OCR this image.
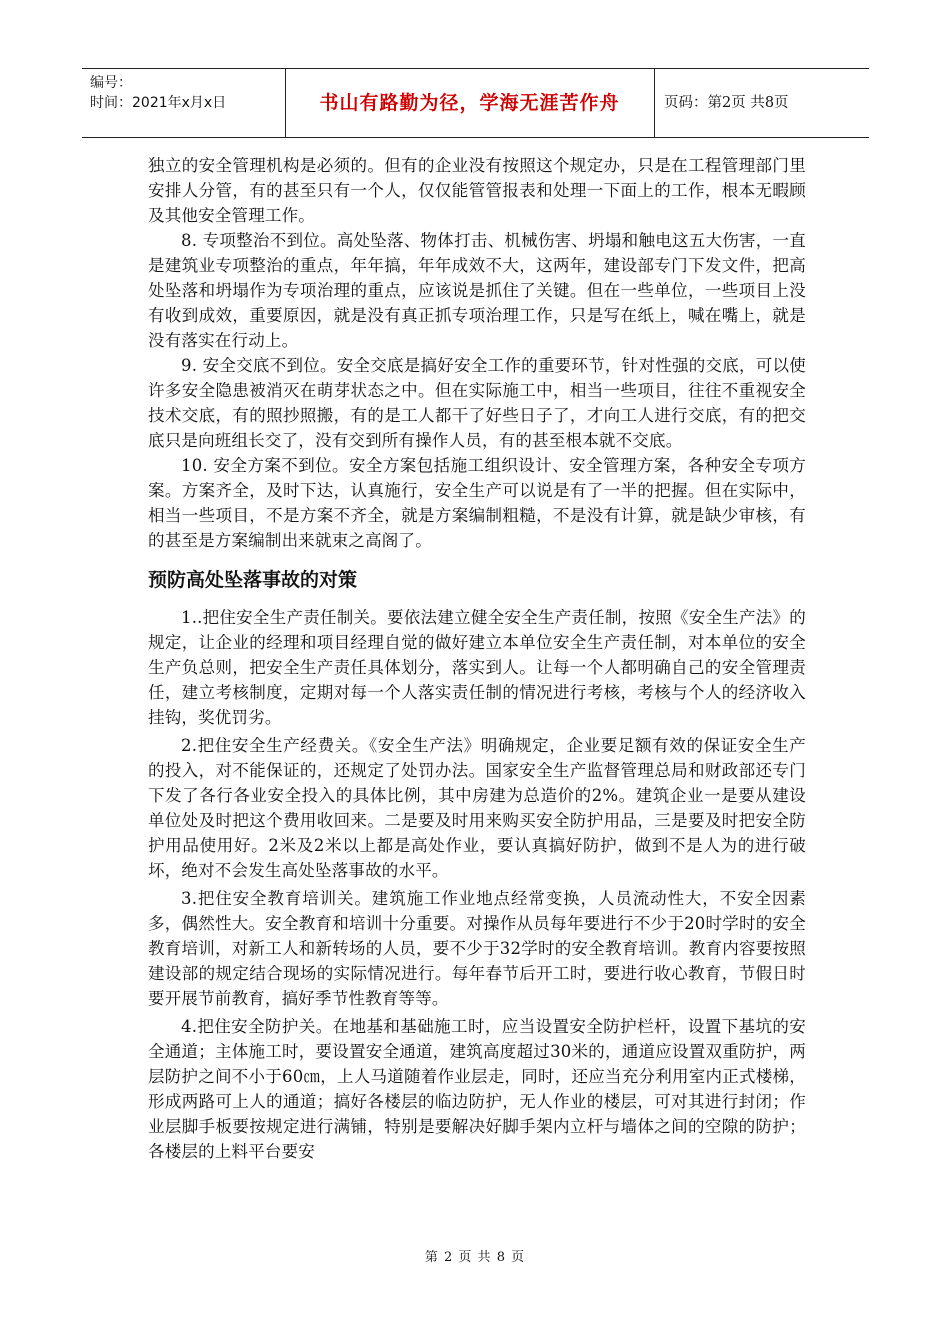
编号：
时间：2021年x月x日	书山有路勤为径，学海无涯苦作舟	页码：第2页 共8页

独立的安全管理机构是必须的。但有的企业没有按照这个规定办，只是在工程管理部门里安排人分管，有的甚至只有一个人，仅仅能管管报表和处理一下面上的工作，根本无暇顾及其他安全管理工作。

8. 专项整治不到位。高处坠落、物体打击、机械伤害、坍塌和触电这五大伤害，一直是建筑业专项整治的重点，年年搞，年年成效不大，这两年，建设部专门下发文件，把高处坠落和坍塌作为专项治理的重点，应该说是抓住了关键。但在一些单位，一些项目上没有收到成效，重要原因，就是没有真正抓专项治理工作，只是写在纸上，喊在嘴上，就是没有落实在行动上。

9. 安全交底不到位。安全交底是搞好安全工作的重要环节，针对性强的交底，可以使许多安全隐患被消灭在萌芽状态之中。但在实际施工中，相当一些项目，往往不重视安全技术交底，有的照抄照搬，有的是工人都干了好些日子了，才向工人进行交底，有的把交底只是向班组长交了，没有交到所有操作人员，有的甚至根本就不交底。

10. 安全方案不到位。安全方案包括施工组织设计、安全管理方案，各种安全专项方案。方案齐全，及时下达，认真施行，安全生产可以说是有了一半的把握。但在实际中，相当一些项目，不是方案不齐全，就是方案编制粗糙，不是没有计算，就是缺少审核，有的甚至是方案编制出来就束之高阁了。

预防高处坠落事故的对策

1..把住安全生产责任制关。要依法建立健全安全生产责任制，按照《安全生产法》的规定，让企业的经理和项目经理自觉的做好建立本单位安全生产责任制，对本单位的安全生产负总则，把安全生产责任具体划分，落实到人。让每一个人都明确自己的安全管理责任，建立考核制度，定期对每一个人落实责任制的情况进行考核，考核与个人的经济收入挂钩，奖优罚劣。

2.把住安全生产经费关。《安全生产法》明确规定，企业要足额有效的保证安全生产的投入，对不能保证的，还规定了处罚办法。国家安全生产监督管理总局和财政部还专门下发了各行各业安全投入的具体比例，其中房建为总造价的2%。建筑企业一是要从建设单位处及时把这个费用收回来。二是要及时用来购买安全防护用品，三是要及时把安全防护用品使用好。2米及2米以上都是高处作业，要认真搞好防护，做到不是人为的进行破坏，绝对不会发生高处坠落事故的水平。

3.把住安全教育培训关。建筑施工作业地点经常变换，人员流动性大，不安全因素多，偶然性大。安全教育和培训十分重要。对操作从员每年要进行不少于20时学时的安全教育培训，对新工人和新转场的人员，要不少于32学时的安全教育培训。教育内容要按照建设部的规定结合现场的实际情况进行。每年春节后开工时，要进行收心教育，节假日时要开展节前教育，搞好季节性教育等等。

4.把住安全防护关。在地基和基础施工时，应当设置安全防护栏杆，设置下基坑的安全通道；主体施工时，要设置安全通道，建筑高度超过30米的，通道应设置双重防护，两层防护之间不小于60㎝，上人马道随着作业层走，同时，还应当充分利用室内正式楼梯，形成两路可上人的通道；搞好各楼层的临边防护，无人作业的楼层，可对其进行封闭；作业层脚手板要按规定进行满铺，特别是要解决好脚手架内立杆与墙体之间的空隙的防护；各楼层的上料平台要安

第 2 页 共 8 页
